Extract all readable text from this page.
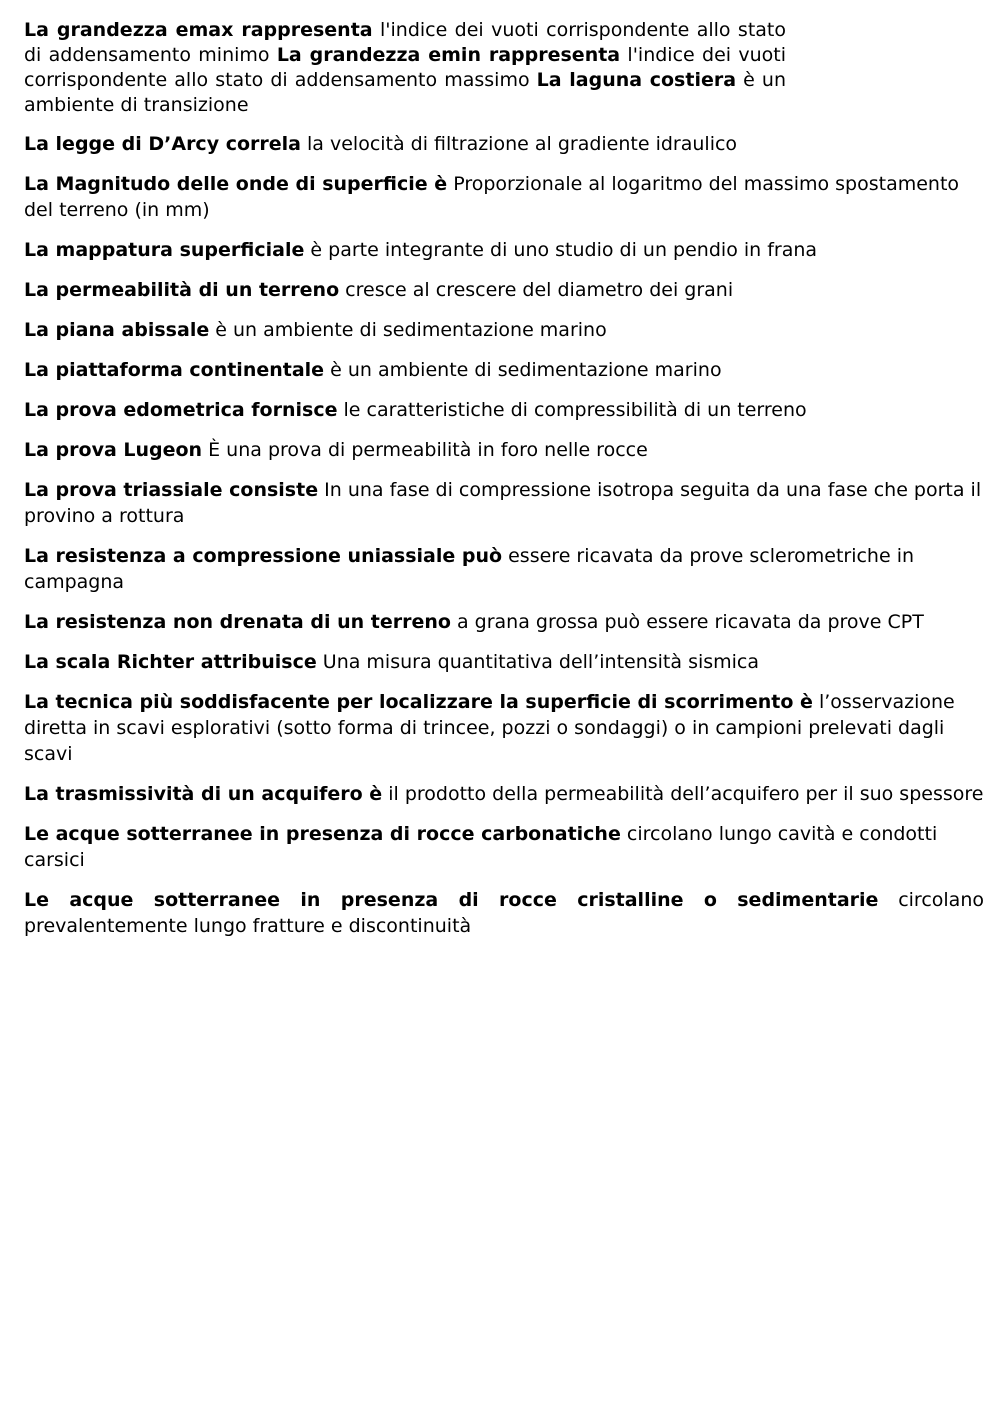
La grandezza emax rappresenta l'indice dei vuoti corrispondente allo stato di addensamento minimo La grandezza emin rappresenta l'indice dei vuoti corrispondente allo stato di addensamento massimo La laguna costiera è un ambiente di transizione

La legge di D’Arcy correla la velocità di filtrazione al gradiente idraulico

La Magnitudo delle onde di superficie è Proporzionale al logaritmo del massimo spostamento del terreno (in mm)

La mappatura superficiale è parte integrante di uno studio di un pendio in frana

La permeabilità di un terreno cresce al crescere del diametro dei grani

La piana abissale è un ambiente di sedimentazione marino

La piattaforma continentale è un ambiente di sedimentazione marino

La prova edometrica fornisce le caratteristiche di compressibilità di un terreno

La prova Lugeon È una prova di permeabilità in foro nelle rocce

La prova triassiale consiste In una fase di compressione isotropa seguita da una fase che porta il provino a rottura

La resistenza a compressione uniassiale può essere ricavata da prove sclerometriche in campagna

La resistenza non drenata di un terreno a grana grossa può essere ricavata da prove CPT

La scala Richter attribuisce Una misura quantitativa dell’intensità sismica

La tecnica più soddisfacente per localizzare la superficie di scorrimento è l’osservazione diretta in scavi esplorativi (sotto forma di trincee, pozzi o sondaggi) o in campioni prelevati dagli scavi

La trasmissività di un acquifero è il prodotto della permeabilità dell’acquifero per il suo spessore

Le acque sotterranee in presenza di rocce carbonatiche circolano lungo cavità e condotti carsici

Le acque sotterranee in presenza di rocce cristalline o sedimentarie circolano prevalentemente lungo fratture e discontinuità
